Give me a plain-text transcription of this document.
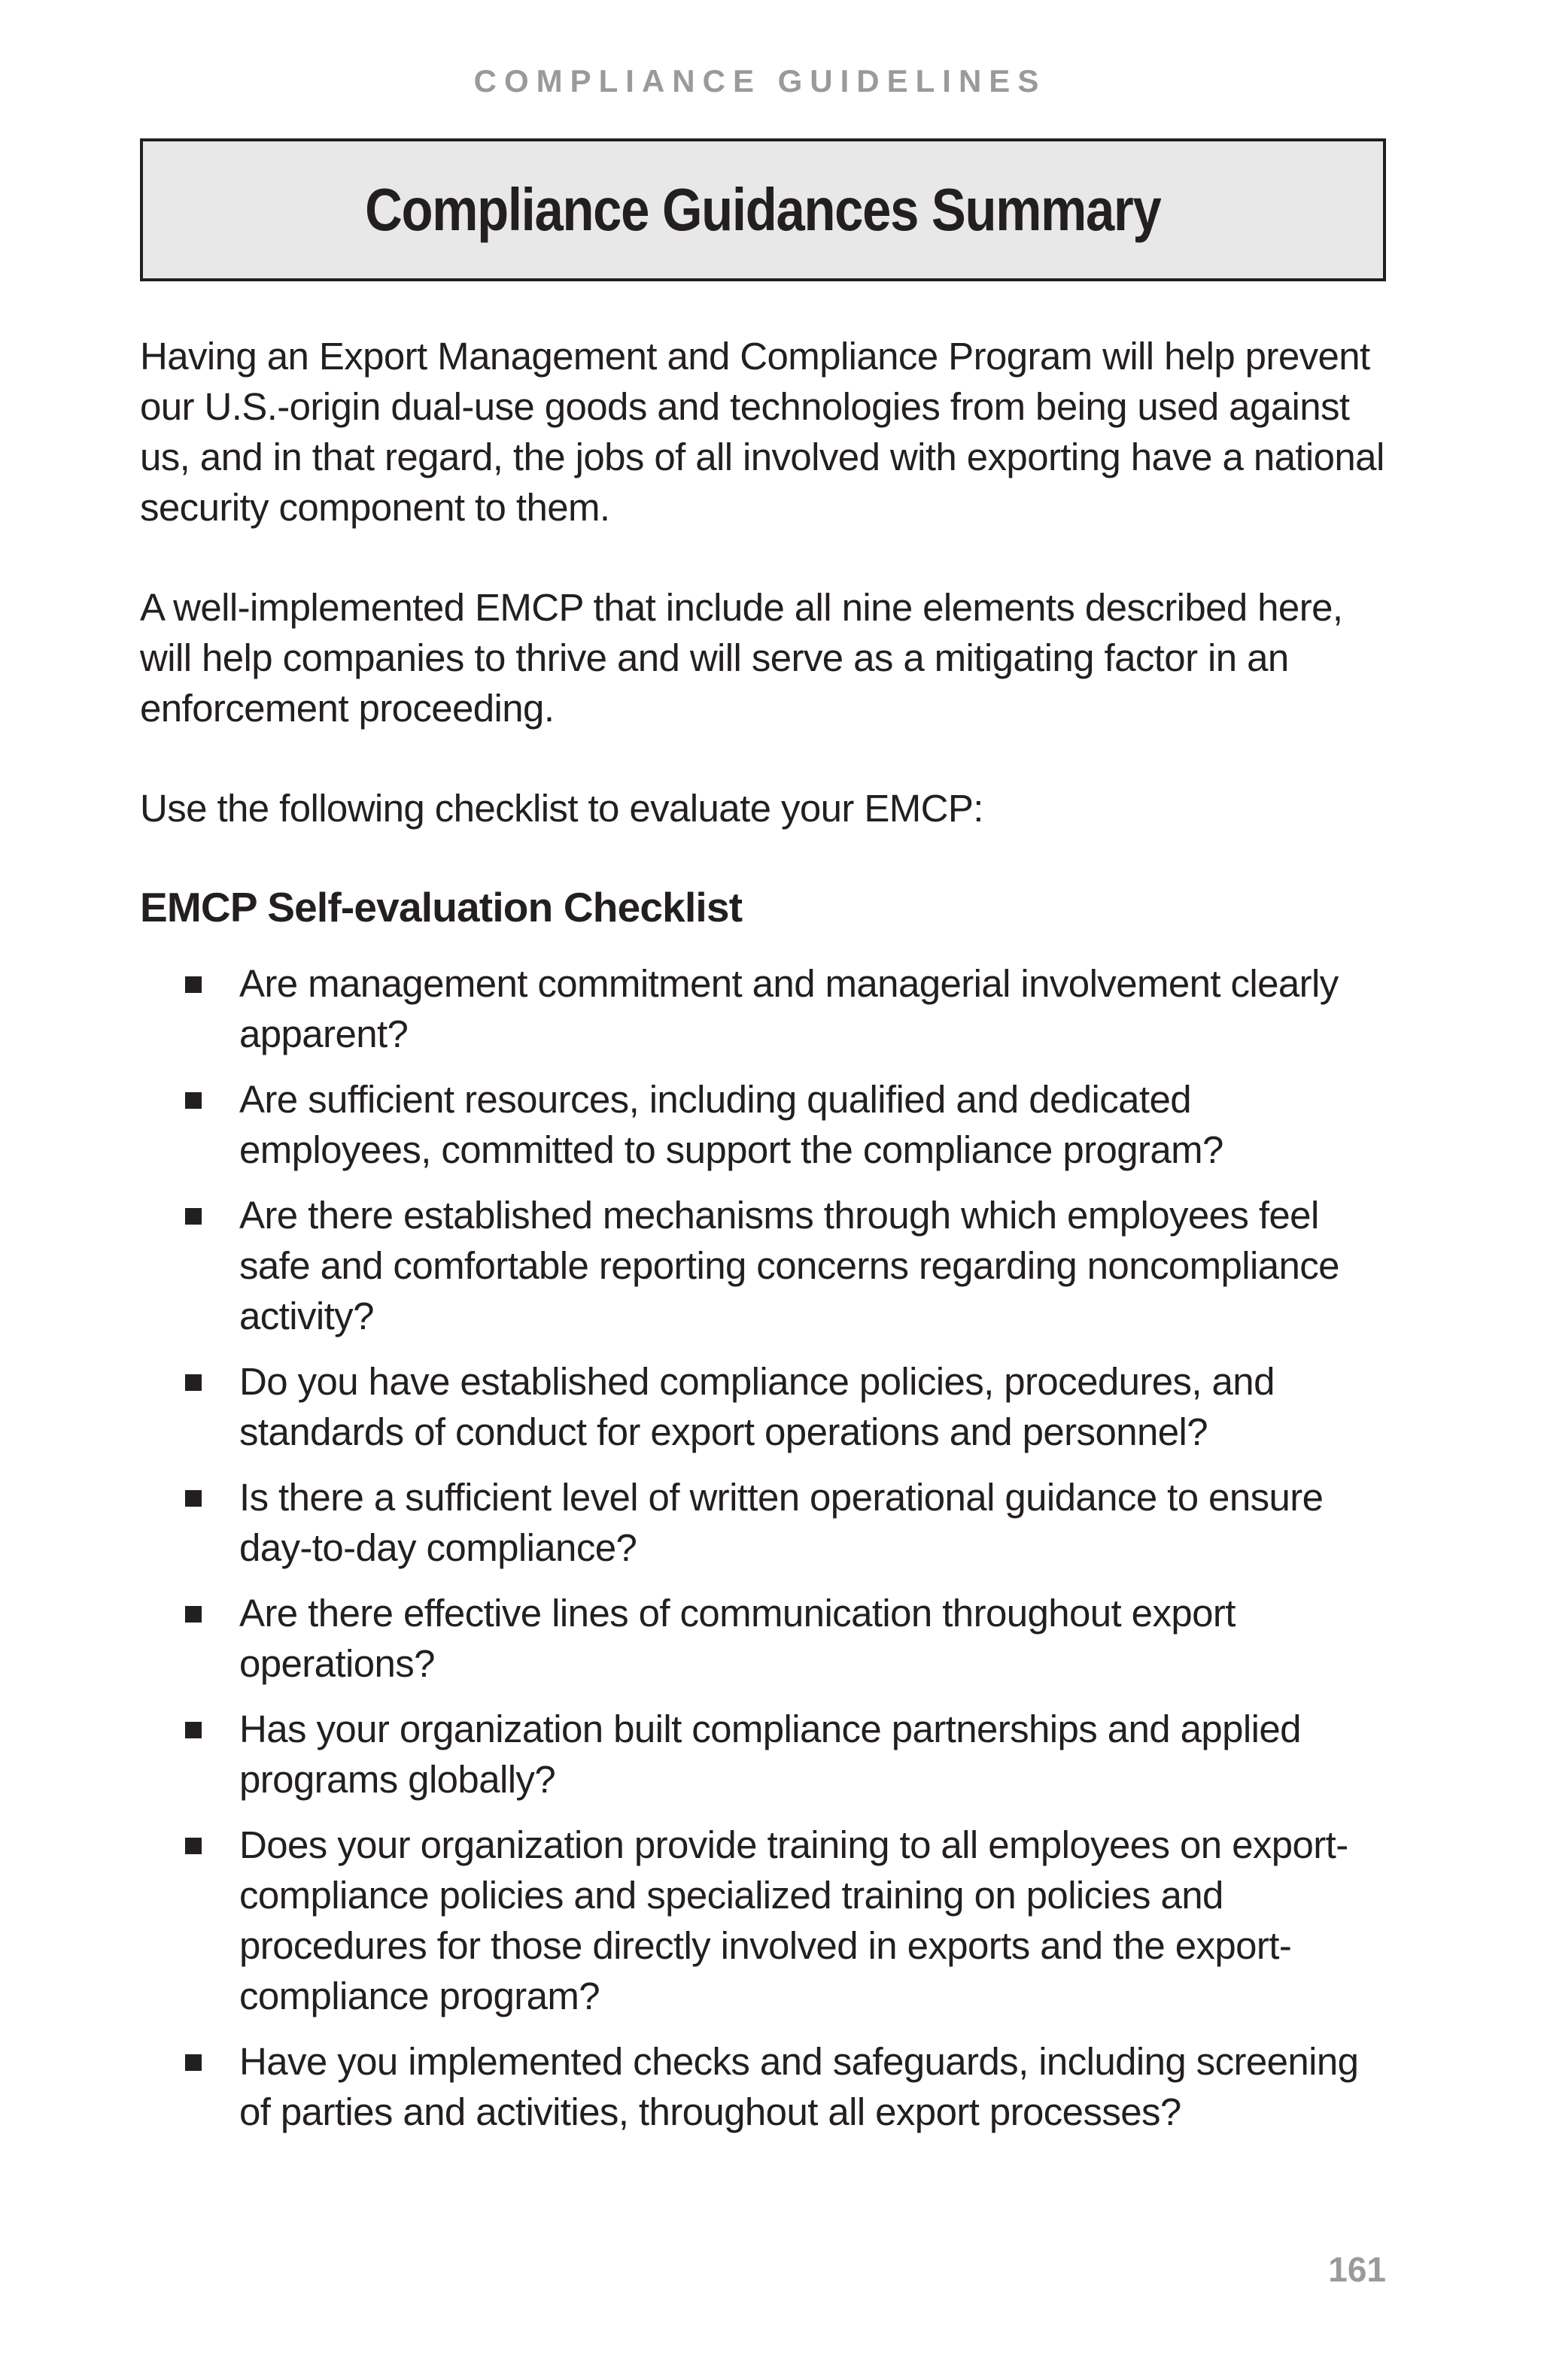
COMPLIANCE GUIDELINES
Compliance Guidances Summary

Having an Export Management and Compliance Program will help prevent our U.S.-origin dual-use goods and technologies from being used against us, and in that regard, the jobs of all involved with exporting have a national security component to them.

A well-implemented EMCP that include all nine elements described here, will help companies to thrive and will serve as a mitigating factor in an enforcement proceeding.

Use the following checklist to evaluate your EMCP:

EMCP Self-evaluation Checklist
Are management commitment and managerial involvement clearly apparent?
Are sufficient resources, including qualified and dedicated employees, committed to support the compliance program?
Are there established mechanisms through which employees feel safe and comfortable reporting concerns regarding noncompliance activity?
Do you have established compliance policies, procedures, and standards of conduct for export operations and personnel?
Is there a sufficient level of written operational guidance to ensure day-to-day compliance?
Are there effective lines of communication throughout export operations?
Has your organization built compliance partnerships and applied programs globally?
Does your organization provide training to all employees on export-compliance policies and specialized training on policies and procedures for those directly involved in exports and the export-compliance program?
Have you implemented checks and safeguards, including screening of parties and activities, throughout all export processes?
161
